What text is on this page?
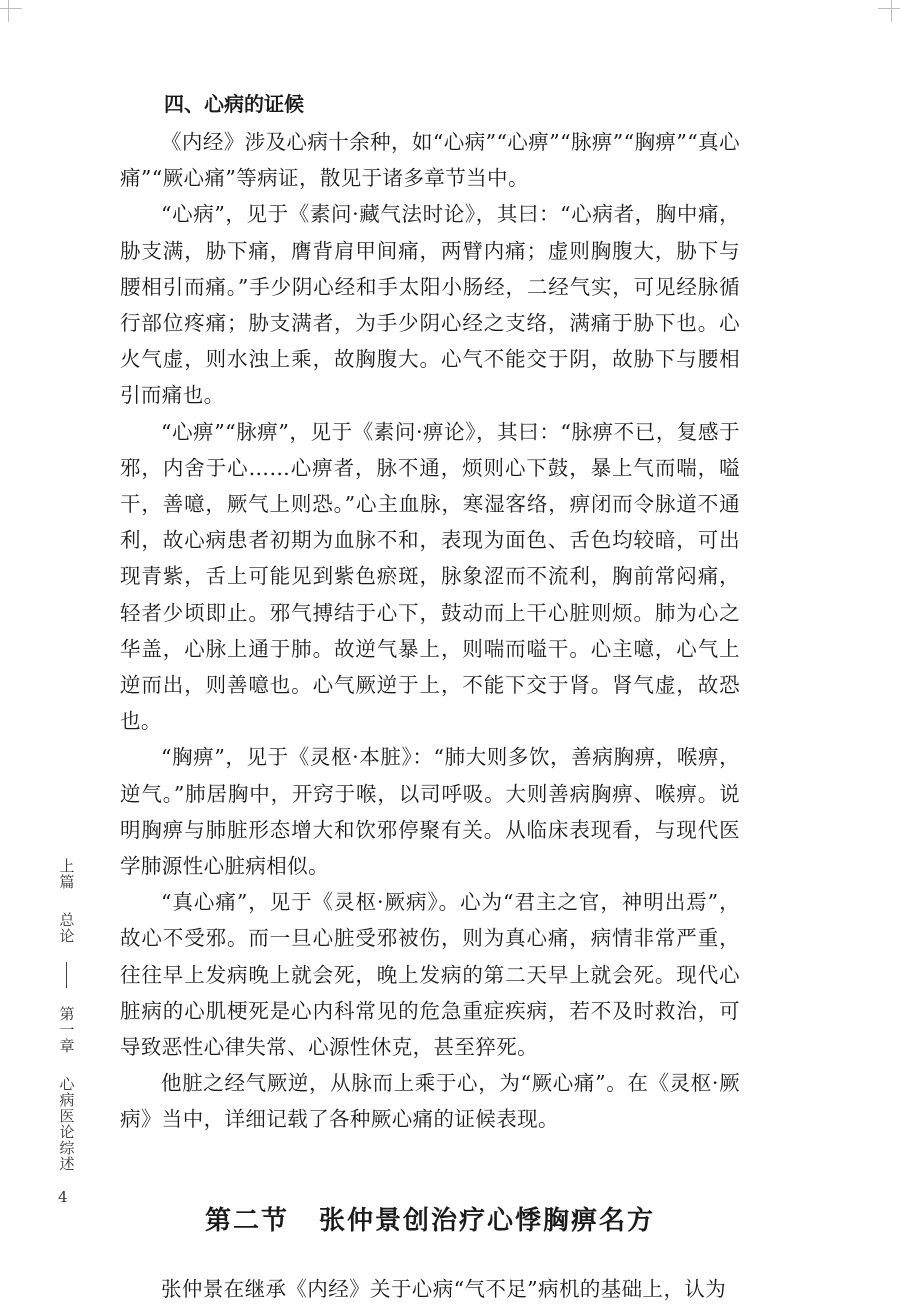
四、心病的证候

《内经》涉及心病十余种，如“心病”“心痹”“脉痹”“胸痹”“真心痛”“厥心痛”等病证，散见于诸多章节当中。

“心病”，见于《素问·藏气法时论》，其曰：“心病者，胸中痛，胁支满，胁下痛，膺背肩甲间痛，两臂内痛；虚则胸腹大，胁下与腰相引而痛。”手少阴心经和手太阳小肠经，二经气实，可见经脉循行部位疼痛；胁支满者，为手少阴心经之支络，满痛于胁下也。心火气虚，则水浊上乘，故胸腹大。心气不能交于阴，故胁下与腰相引而痛也。

“心痹”“脉痹”，见于《素问·痹论》，其曰：“脉痹不已，复感于邪，内舍于心……心痹者，脉不通，烦则心下鼓，暴上气而喘，嗌干，善噫，厥气上则恐。”心主血脉，寒湿客络，痹闭而令脉道不通利，故心病患者初期为血脉不和，表现为面色、舌色均较暗，可出现青紫，舌上可能见到紫色瘀斑，脉象涩而不流利，胸前常闷痛，轻者少顷即止。邪气搏结于心下，鼓动而上干心脏则烦。肺为心之华盖，心脉上通于肺。故逆气暴上，则喘而嗌干。心主噫，心气上逆而出，则善噫也。心气厥逆于上，不能下交于肾。肾气虚，故恐也。

“胸痹”，见于《灵枢·本脏》：“肺大则多饮，善病胸痹，喉痹，逆气。”肺居胸中，开窍于喉，以司呼吸。大则善病胸痹、喉痹。说明胸痹与肺脏形态增大和饮邪停聚有关。从临床表现看，与现代医学肺源性心脏病相似。

“真心痛”，见于《灵枢·厥病》。心为“君主之官，神明出焉”，故心不受邪。而一旦心脏受邪被伤，则为真心痛，病情非常严重，往往早上发病晚上就会死，晚上发病的第二天早上就会死。现代心脏病的心肌梗死是心内科常见的危急重症疾病，若不及时救治，可导致恶性心律失常、心源性休克，甚至猝死。

他脏之经气厥逆，从脉而上乘于心，为“厥心痛”。在《灵枢·厥病》当中，详细记载了各种厥心痛的证候表现。

第二节 张仲景创治疗心悸胸痹名方

张仲景在继承《内经》关于心病“气不足”病机的基础上，认为

上篇
总论
第一章
心病医论综述
4
